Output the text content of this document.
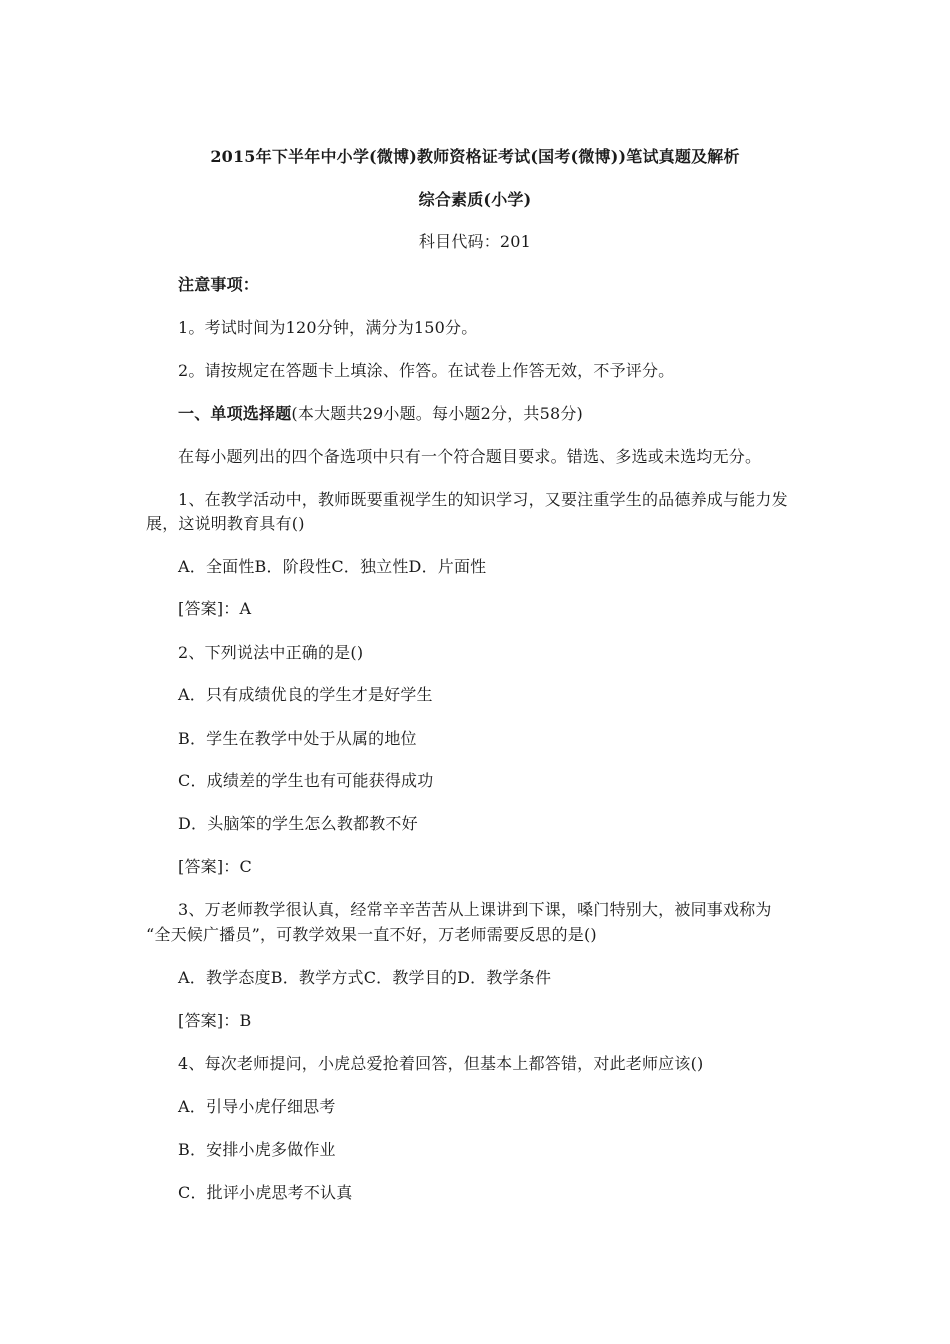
2015年下半年中小学(微博)教师资格证考试(国考(微博))笔试真题及解析
综合素质(小学)
科目代码：201
注意事项：
1。考试时间为120分钟，满分为150分。
2。请按规定在答题卡上填涂、作答。在试卷上作答无效，不予评分。
一、单项选择题(本大题共29小题。每小题2分，共58分)
在每小题列出的四个备选项中只有一个符合题目要求。错选、多选或未选均无分。
1、在教学活动中，教师既要重视学生的知识学习，又要注重学生的品德养成与能力发
展，这说明教育具有()
A．全面性B．阶段性C．独立性D．片面性
[答案]：A
2、下列说法中正确的是()
A．只有成绩优良的学生才是好学生
B．学生在教学中处于从属的地位
C．成绩差的学生也有可能获得成功
D．头脑笨的学生怎么教都教不好
[答案]：C
3、万老师教学很认真，经常辛辛苦苦从上课讲到下课，嗓门特别大，被同事戏称为
“全天候广播员”，可教学效果一直不好，万老师需要反思的是()
A．教学态度B．教学方式C．教学目的D．教学条件
[答案]：B
4、每次老师提问，小虎总爱抢着回答，但基本上都答错，对此老师应该()
A．引导小虎仔细思考
B．安排小虎多做作业
C．批评小虎思考不认真
